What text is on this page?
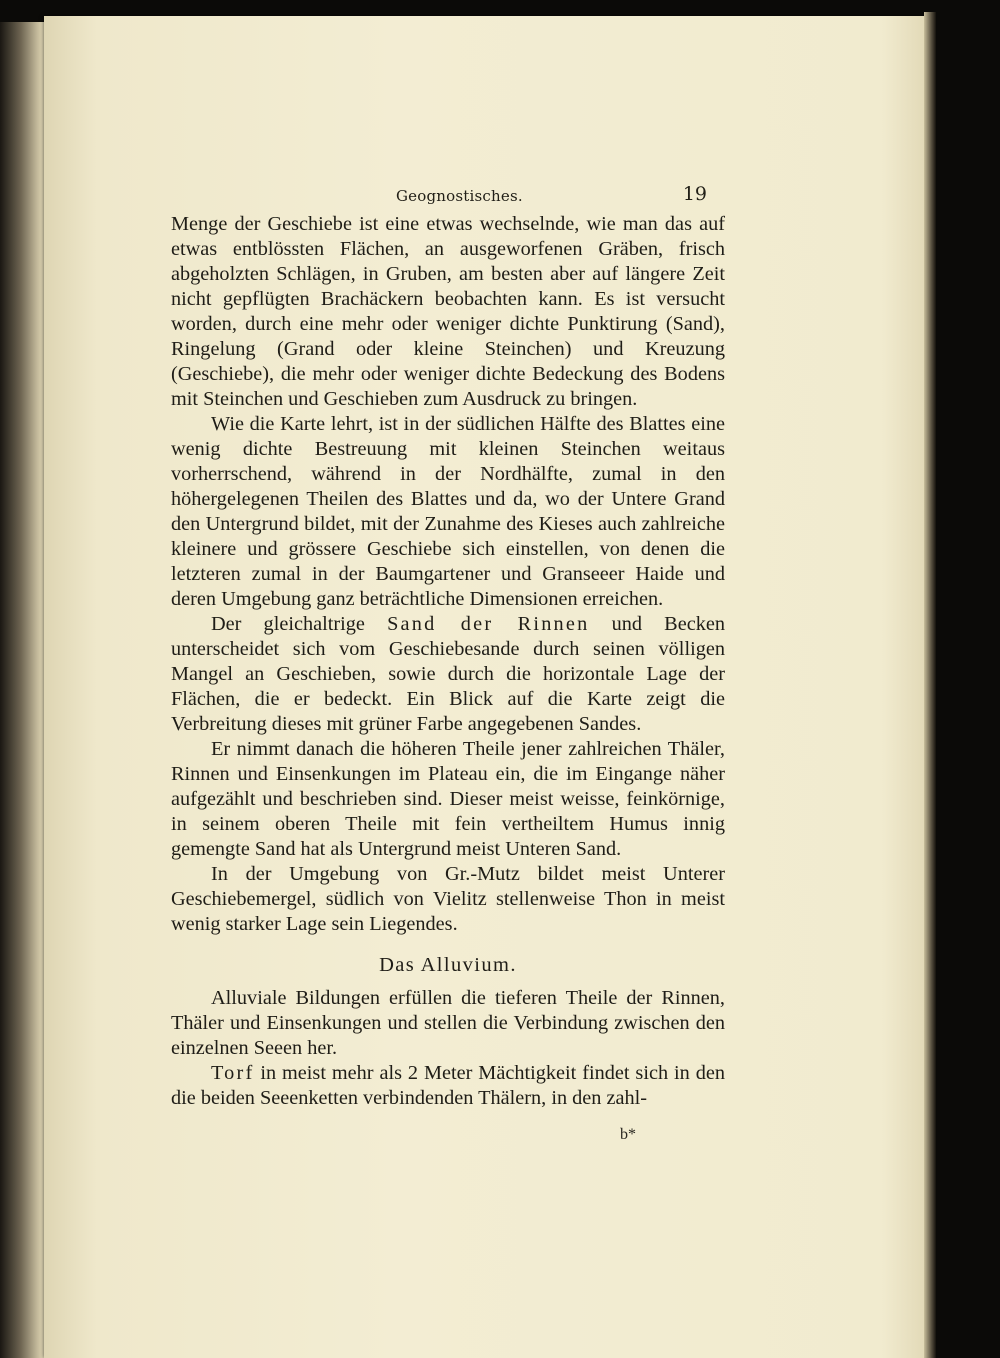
Geognostisches.	19

Menge der Geschiebe ist eine etwas wechselnde, wie man das auf etwas entblössten Flächen, an ausgeworfenen Gräben, frisch abgeholzten Schlägen, in Gruben, am besten aber auf längere Zeit nicht gepflügten Brachäckern beobachten kann. Es ist versucht worden, durch eine mehr oder weniger dichte Punktirung (Sand), Ringelung (Grand oder kleine Steinchen) und Kreuzung (Geschiebe), die mehr oder weniger dichte Bedeckung des Bodens mit Steinchen und Geschieben zum Ausdruck zu bringen.

Wie die Karte lehrt, ist in der südlichen Hälfte des Blattes eine wenig dichte Bestreuung mit kleinen Steinchen weitaus vorherrschend, während in der Nordhälfte, zumal in den höhergelegenen Theilen des Blattes und da, wo der Untere Grand den Untergrund bildet, mit der Zunahme des Kieses auch zahlreiche kleinere und grössere Geschiebe sich einstellen, von denen die letzteren zumal in der Baumgartener und Granseeer Haide und deren Umgebung ganz beträchtliche Dimensionen erreichen.

Der gleichaltrige Sand der Rinnen und Becken unterscheidet sich vom Geschiebesande durch seinen völligen Mangel an Geschieben, sowie durch die horizontale Lage der Flächen, die er bedeckt. Ein Blick auf die Karte zeigt die Verbreitung dieses mit grüner Farbe angegebenen Sandes.

Er nimmt danach die höheren Theile jener zahlreichen Thäler, Rinnen und Einsenkungen im Plateau ein, die im Eingange näher aufgezählt und beschrieben sind. Dieser meist weisse, feinkörnige, in seinem oberen Theile mit fein vertheiltem Humus innig gemengte Sand hat als Untergrund meist Unteren Sand.

In der Umgebung von Gr.-Mutz bildet meist Unterer Geschiebemergel, südlich von Vielitz stellenweise Thon in meist wenig starker Lage sein Liegendes.

Das Alluvium.

Alluviale Bildungen erfüllen die tieferen Theile der Rinnen, Thäler und Einsenkungen und stellen die Verbindung zwischen den einzelnen Seeen her.

Torf in meist mehr als 2 Meter Mächtigkeit findet sich in den die beiden Seeenketten verbindenden Thälern, in den zahl-

b*
